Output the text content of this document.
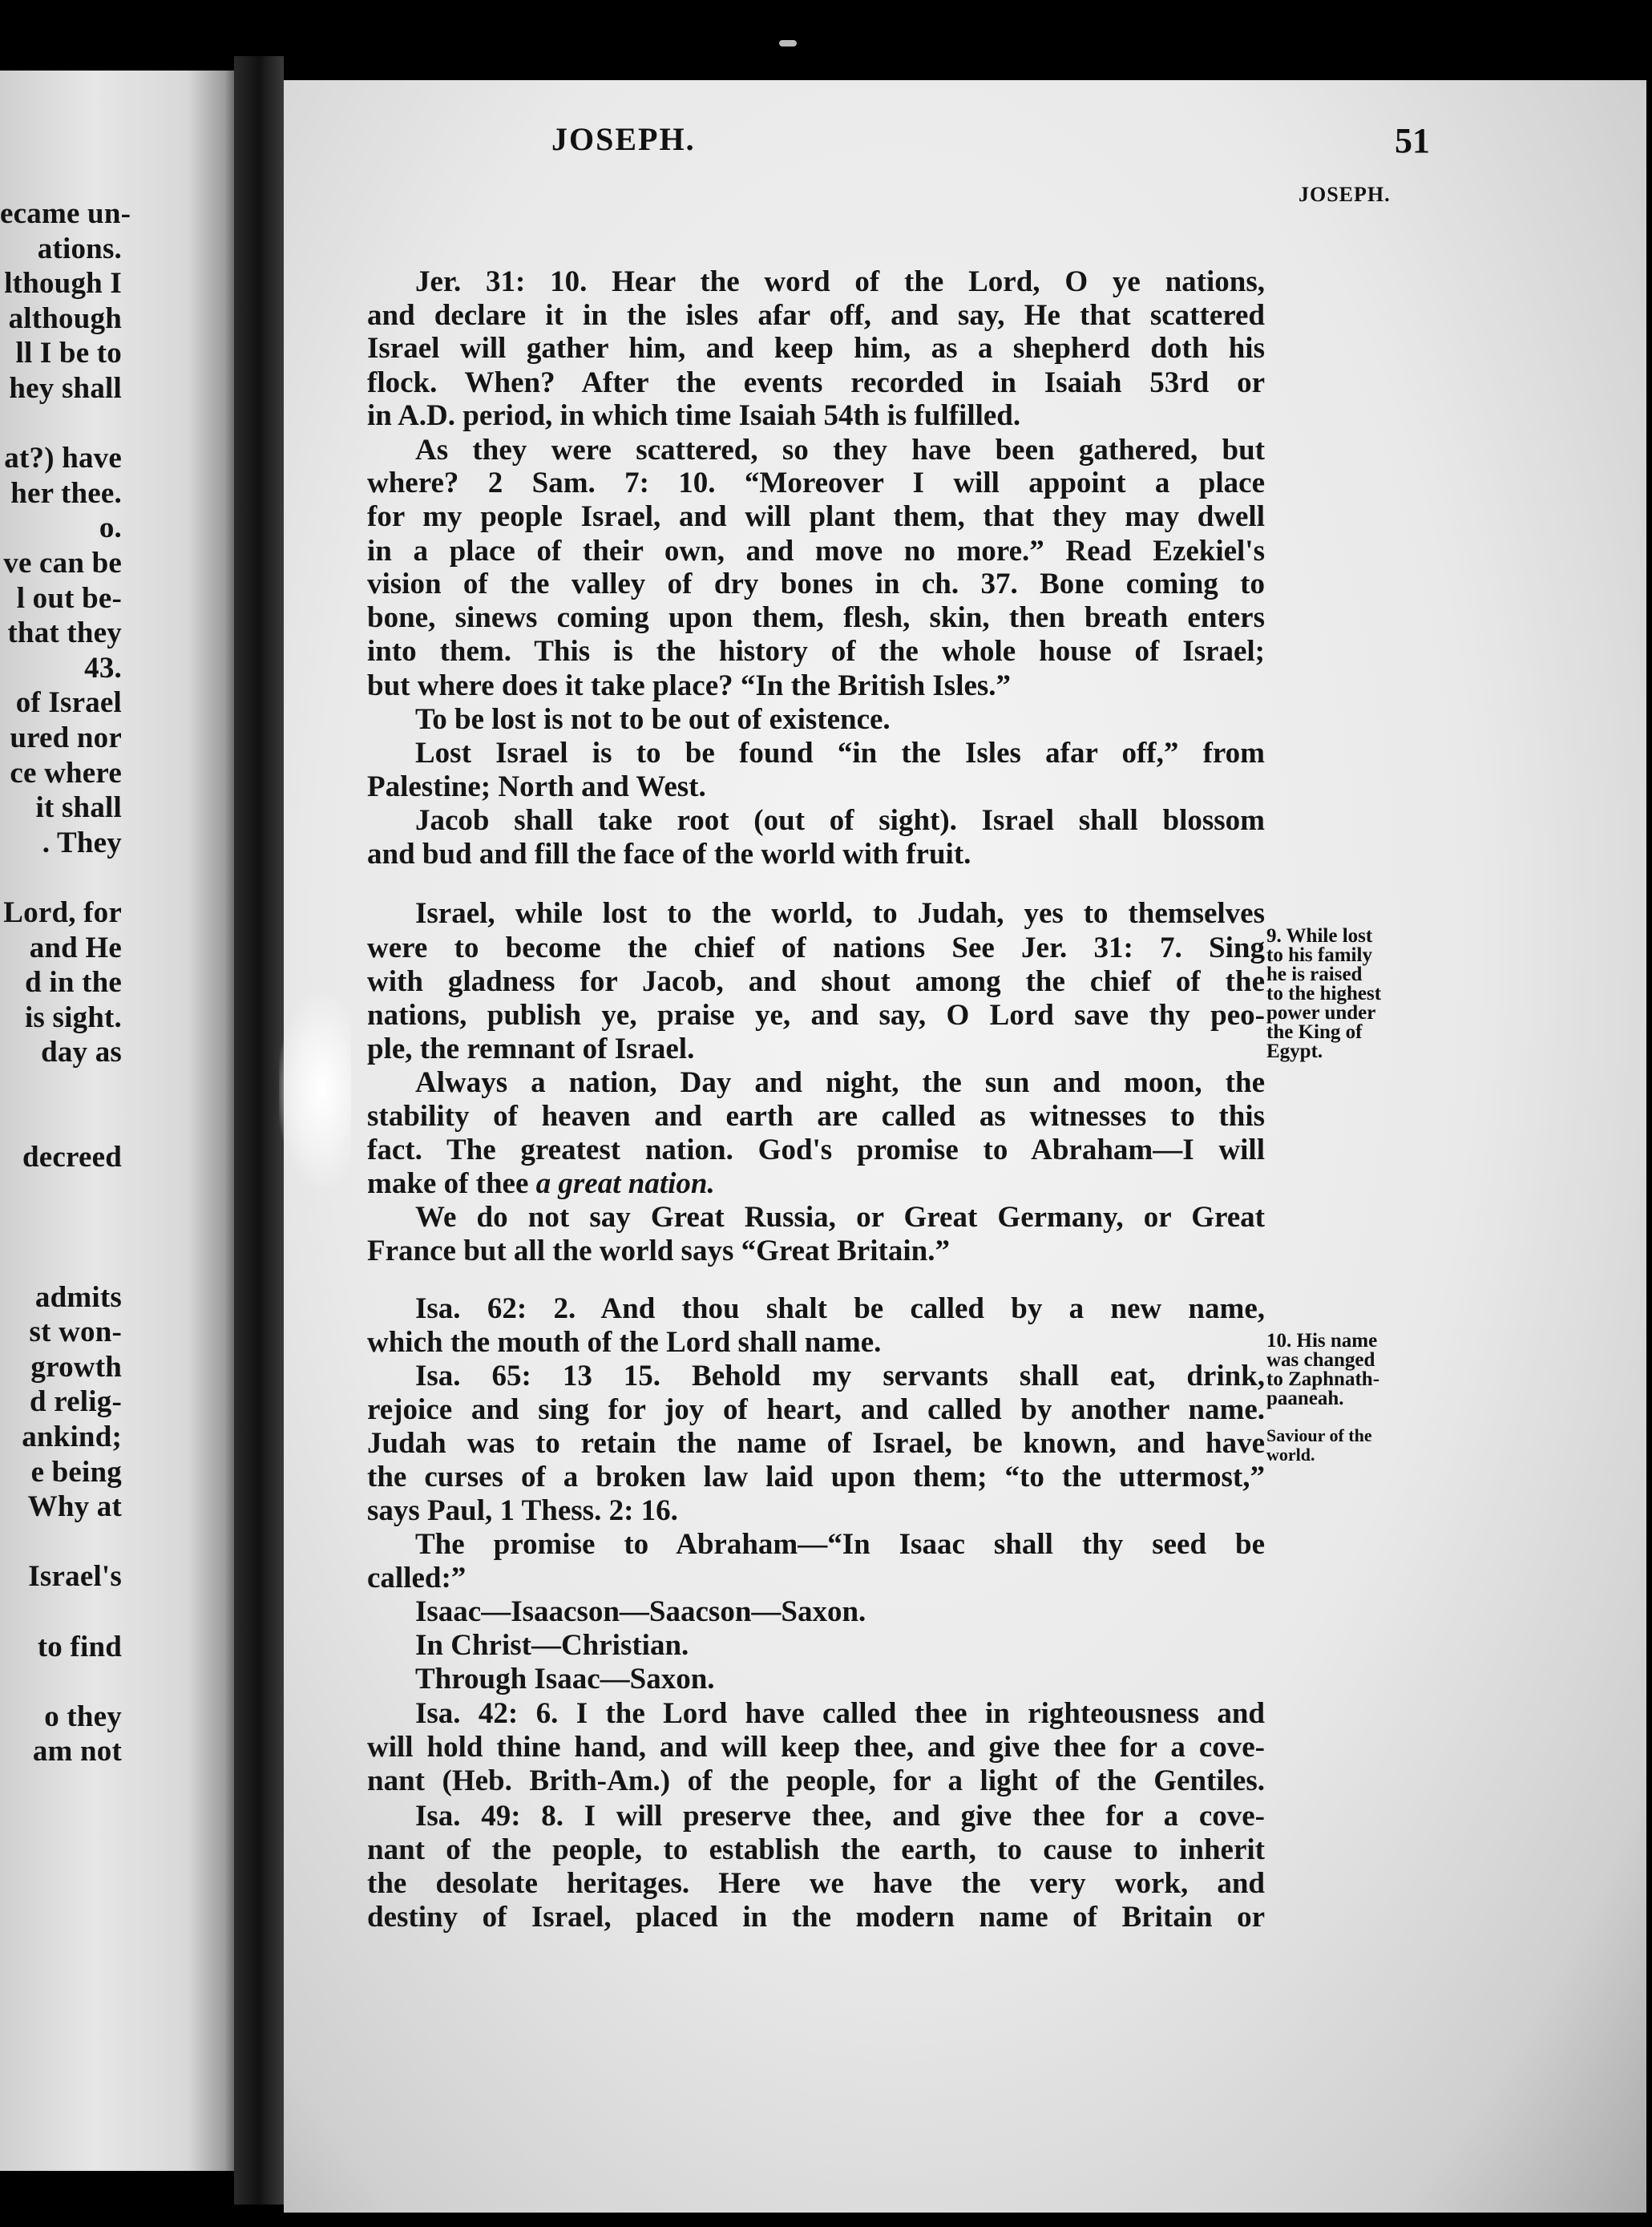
ecame un-
ations.
lthough I
although
ll I be to
hey shall
at?) have
her thee.
o.
ve can be
l out be-
that they
43.
of Israel
ured nor
ce where
it shall
. They
Lord, for
and He
d in the
is sight.
day as
decreed
admits
st won-
growth
d relig-
ankind;
e being
Why at
Israel's
to find
o they
am not
JOSEPH.	51
JOSEPH.
Jer. 31: 10. Hear the word of the Lord, O ye nations,
and declare it in the isles afar off, and say, He that scattered
Israel will gather him, and keep him, as a shepherd doth his
flock. When? After the events recorded in Isaiah 53rd or
in A.D. period, in which time Isaiah 54th is fulfilled.
As they were scattered, so they have been gathered, but
where? 2 Sam. 7: 10. “Moreover I will appoint a place
for my people Israel, and will plant them, that they may dwell
in a place of their own, and move no more.” Read Ezekiel's
vision of the valley of dry bones in ch. 37. Bone coming to
bone, sinews coming upon them, flesh, skin, then breath enters
into them. This is the history of the whole house of Israel;
but where does it take place? “In the British Isles.”
To be lost is not to be out of existence.
Lost Israel is to be found “in the Isles afar off,” from
Palestine; North and West.
Jacob shall take root (out of sight). Israel shall blossom
and bud and fill the face of the world with fruit.
Israel, while lost to the world, to Judah, yes to themselves
were to become the chief of nations See Jer. 31: 7. Sing
with gladness for Jacob, and shout among the chief of the
nations, publish ye, praise ye, and say, O Lord save thy peo-
ple, the remnant of Israel.
Always a nation, Day and night, the sun and moon, the
stability of heaven and earth are called as witnesses to this
fact. The greatest nation. God's promise to Abraham—I will
make of thee a great nation.
We do not say Great Russia, or Great Germany, or Great
France but all the world says “Great Britain.”
Isa. 62: 2. And thou shalt be called by a new name,
which the mouth of the Lord shall name.
Isa. 65: 13 15. Behold my servants shall eat, drink,
rejoice and sing for joy of heart, and called by another name.
Judah was to retain the name of Israel, be known, and have
the curses of a broken law laid upon them; “to the uttermost,”
says Paul, 1 Thess. 2: 16.
The promise to Abraham—“In Isaac shall thy seed be
called:”
Isaac—Isaacson—Saacson—Saxon.
In Christ—Christian.
Through Isaac—Saxon.
Isa. 42: 6. I the Lord have called thee in righteousness and
will hold thine hand, and will keep thee, and give thee for a cove-
nant (Heb. Brith-Am.) of the people, for a light of the Gentiles.
Isa. 49: 8. I will preserve thee, and give thee for a cove-
nant of the people, to establish the earth, to cause to inherit
the desolate heritages. Here we have the very work, and
destiny of Israel, placed in the modern name of Britain or
9. While lost
to his family
he is raised
to the highest
power under
the King of
Egypt.
10. His name
was changed
to Zaphnath-
paaneah.
Saviour of the
world.
